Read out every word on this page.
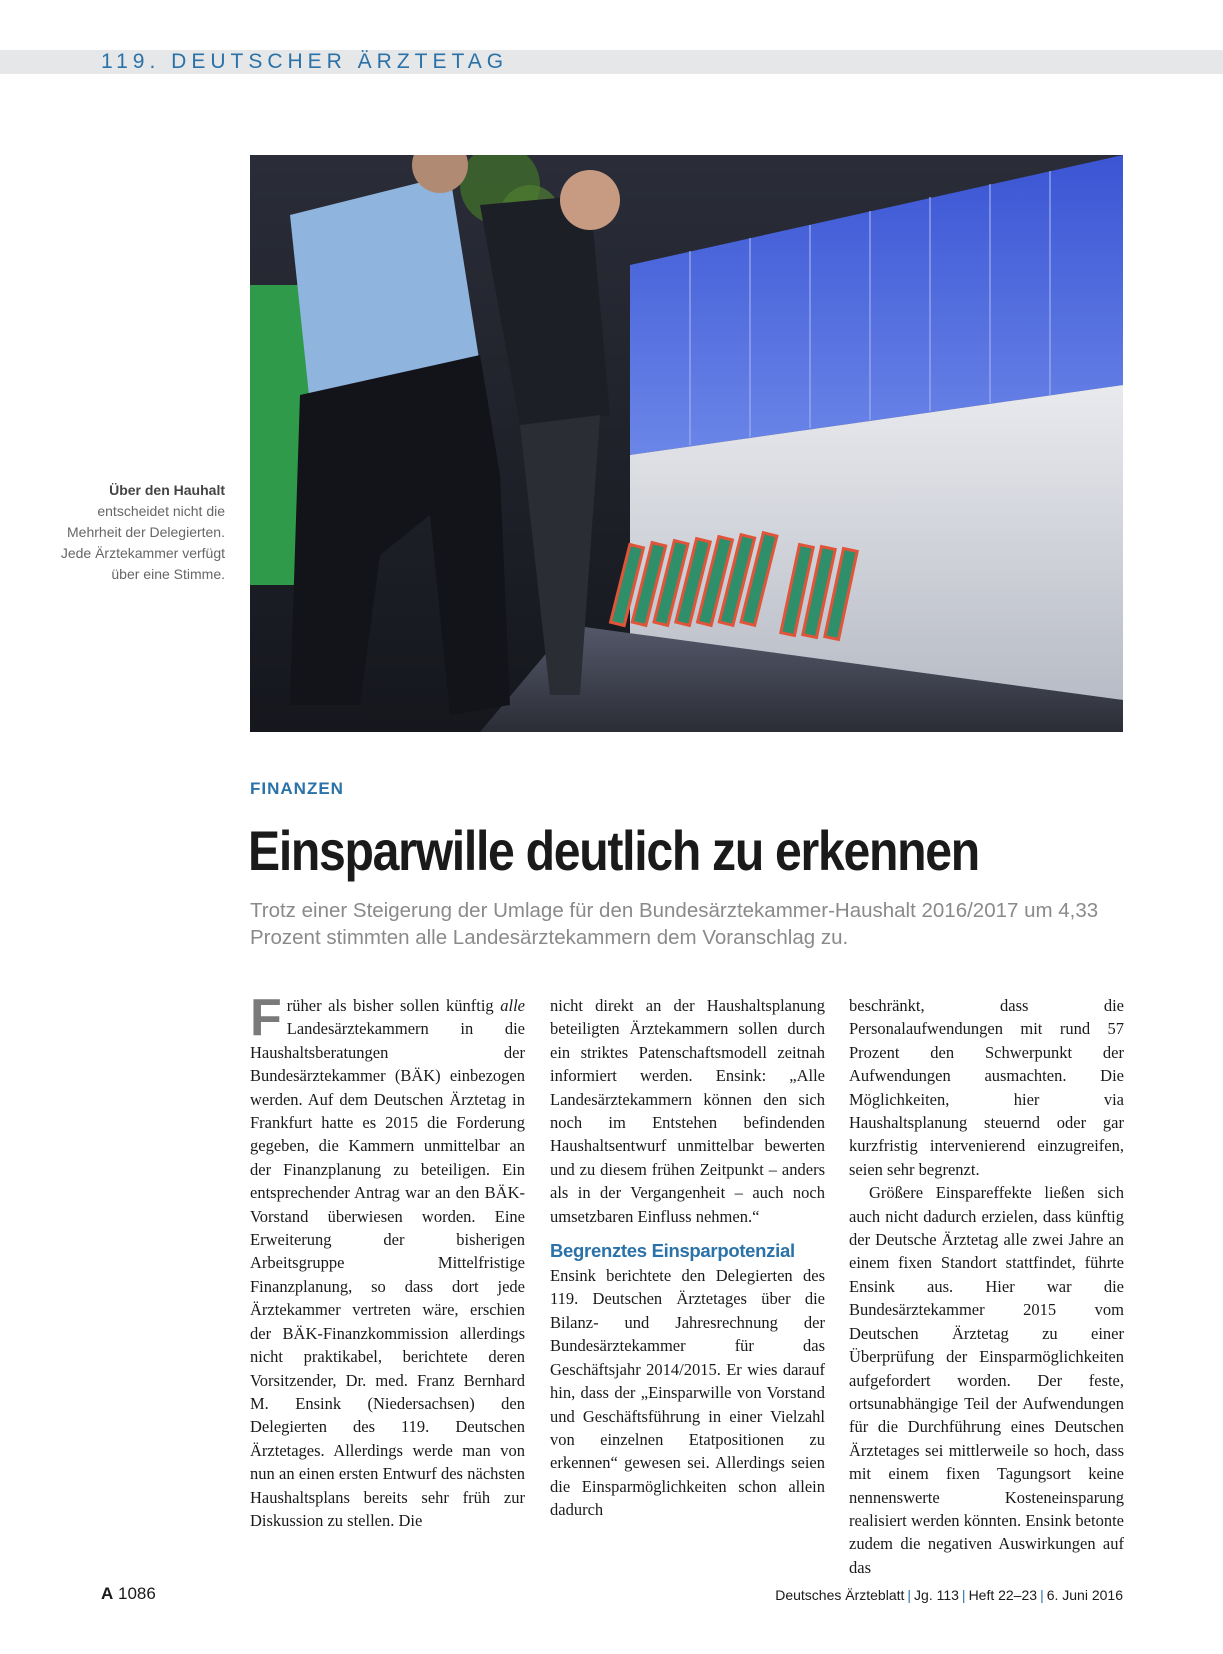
119. DEUTSCHER ÄRZTETAG
Über den Hauhalt entscheidet nicht die Mehrheit der Delegierten. Jede Ärztekammer verfügt über eine Stimme.
FINANZEN
Einsparwille deutlich zu erkennen
Trotz einer Steigerung der Umlage für den Bundesärztekammer-Haushalt 2016/2017 um 4,33 Prozent stimmten alle Landesärztekammern dem Voranschlag zu.

Früher als bisher sollen künftig alle Landesärztekammern in die Haushaltsberatungen der Bundesärztekammer (BÄK) einbezogen werden. Auf dem Deutschen Ärztetag in Frankfurt hatte es 2015 die Forderung gegeben, die Kammern unmittelbar an der Finanzplanung zu beteiligen. Ein entsprechender Antrag war an den BÄK-Vorstand überwiesen worden. Eine Erweiterung der bisherigen Arbeitsgruppe Mittelfristige Finanzplanung, so dass dort jede Ärztekammer vertreten wäre, erschien der BÄK-Finanzkommission allerdings nicht praktikabel, berichtete deren Vorsitzender, Dr. med. Franz Bernhard M. Ensink (Niedersachsen) den Delegierten des 119. Deutschen Ärztetages. Allerdings werde man von nun an einen ersten Entwurf des nächsten Haushaltsplans bereits sehr früh zur Diskussion zu stellen. Die

nicht direkt an der Haushaltsplanung beteiligten Ärztekammern sollen durch ein striktes Patenschaftsmodell zeitnah informiert werden. Ensink: „Alle Landesärztekammern können den sich noch im Entstehen befindenden Haushaltsentwurf unmittelbar bewerten und zu diesem frühen Zeitpunkt – anders als in der Vergangenheit – auch noch umsetzbaren Einfluss nehmen.“

Begrenztes Einsparpotenzial

Ensink berichtete den Delegierten des 119. Deutschen Ärztetages über die Bilanz- und Jahresrechnung der Bundesärztekammer für das Geschäftsjahr 2014/2015. Er wies darauf hin, dass der „Einsparwille von Vorstand und Geschäftsführung in einer Vielzahl von einzelnen Etatpositionen zu erkennen“ gewesen sei. Allerdings seien die Einsparmöglichkeiten schon allein dadurch

beschränkt, dass die Personalaufwendungen mit rund 57 Prozent den Schwerpunkt der Aufwendungen ausmachten. Die Möglichkeiten, hier via Haushaltsplanung steuernd oder gar kurzfristig intervenierend einzugreifen, seien sehr begrenzt.

Größere Einspareffekte ließen sich auch nicht dadurch erzielen, dass künftig der Deutsche Ärztetag alle zwei Jahre an einem fixen Standort stattfindet, führte Ensink aus. Hier war die Bundesärztekammer 2015 vom Deutschen Ärztetag zu einer Überprüfung der Einsparmöglichkeiten aufgefordert worden. Der feste, ortsunabhängige Teil der Aufwendungen für die Durchführung eines Deutschen Ärztetages sei mittlerweile so hoch, dass mit einem fixen Tagungsort keine nennenswerte Kosteneinsparung realisiert werden könnten. Ensink betonte zudem die negativen Auswirkungen auf das

A 1086	Deutsches Ärzteblatt | Jg. 113 | Heft 22–23 | 6. Juni 2016
